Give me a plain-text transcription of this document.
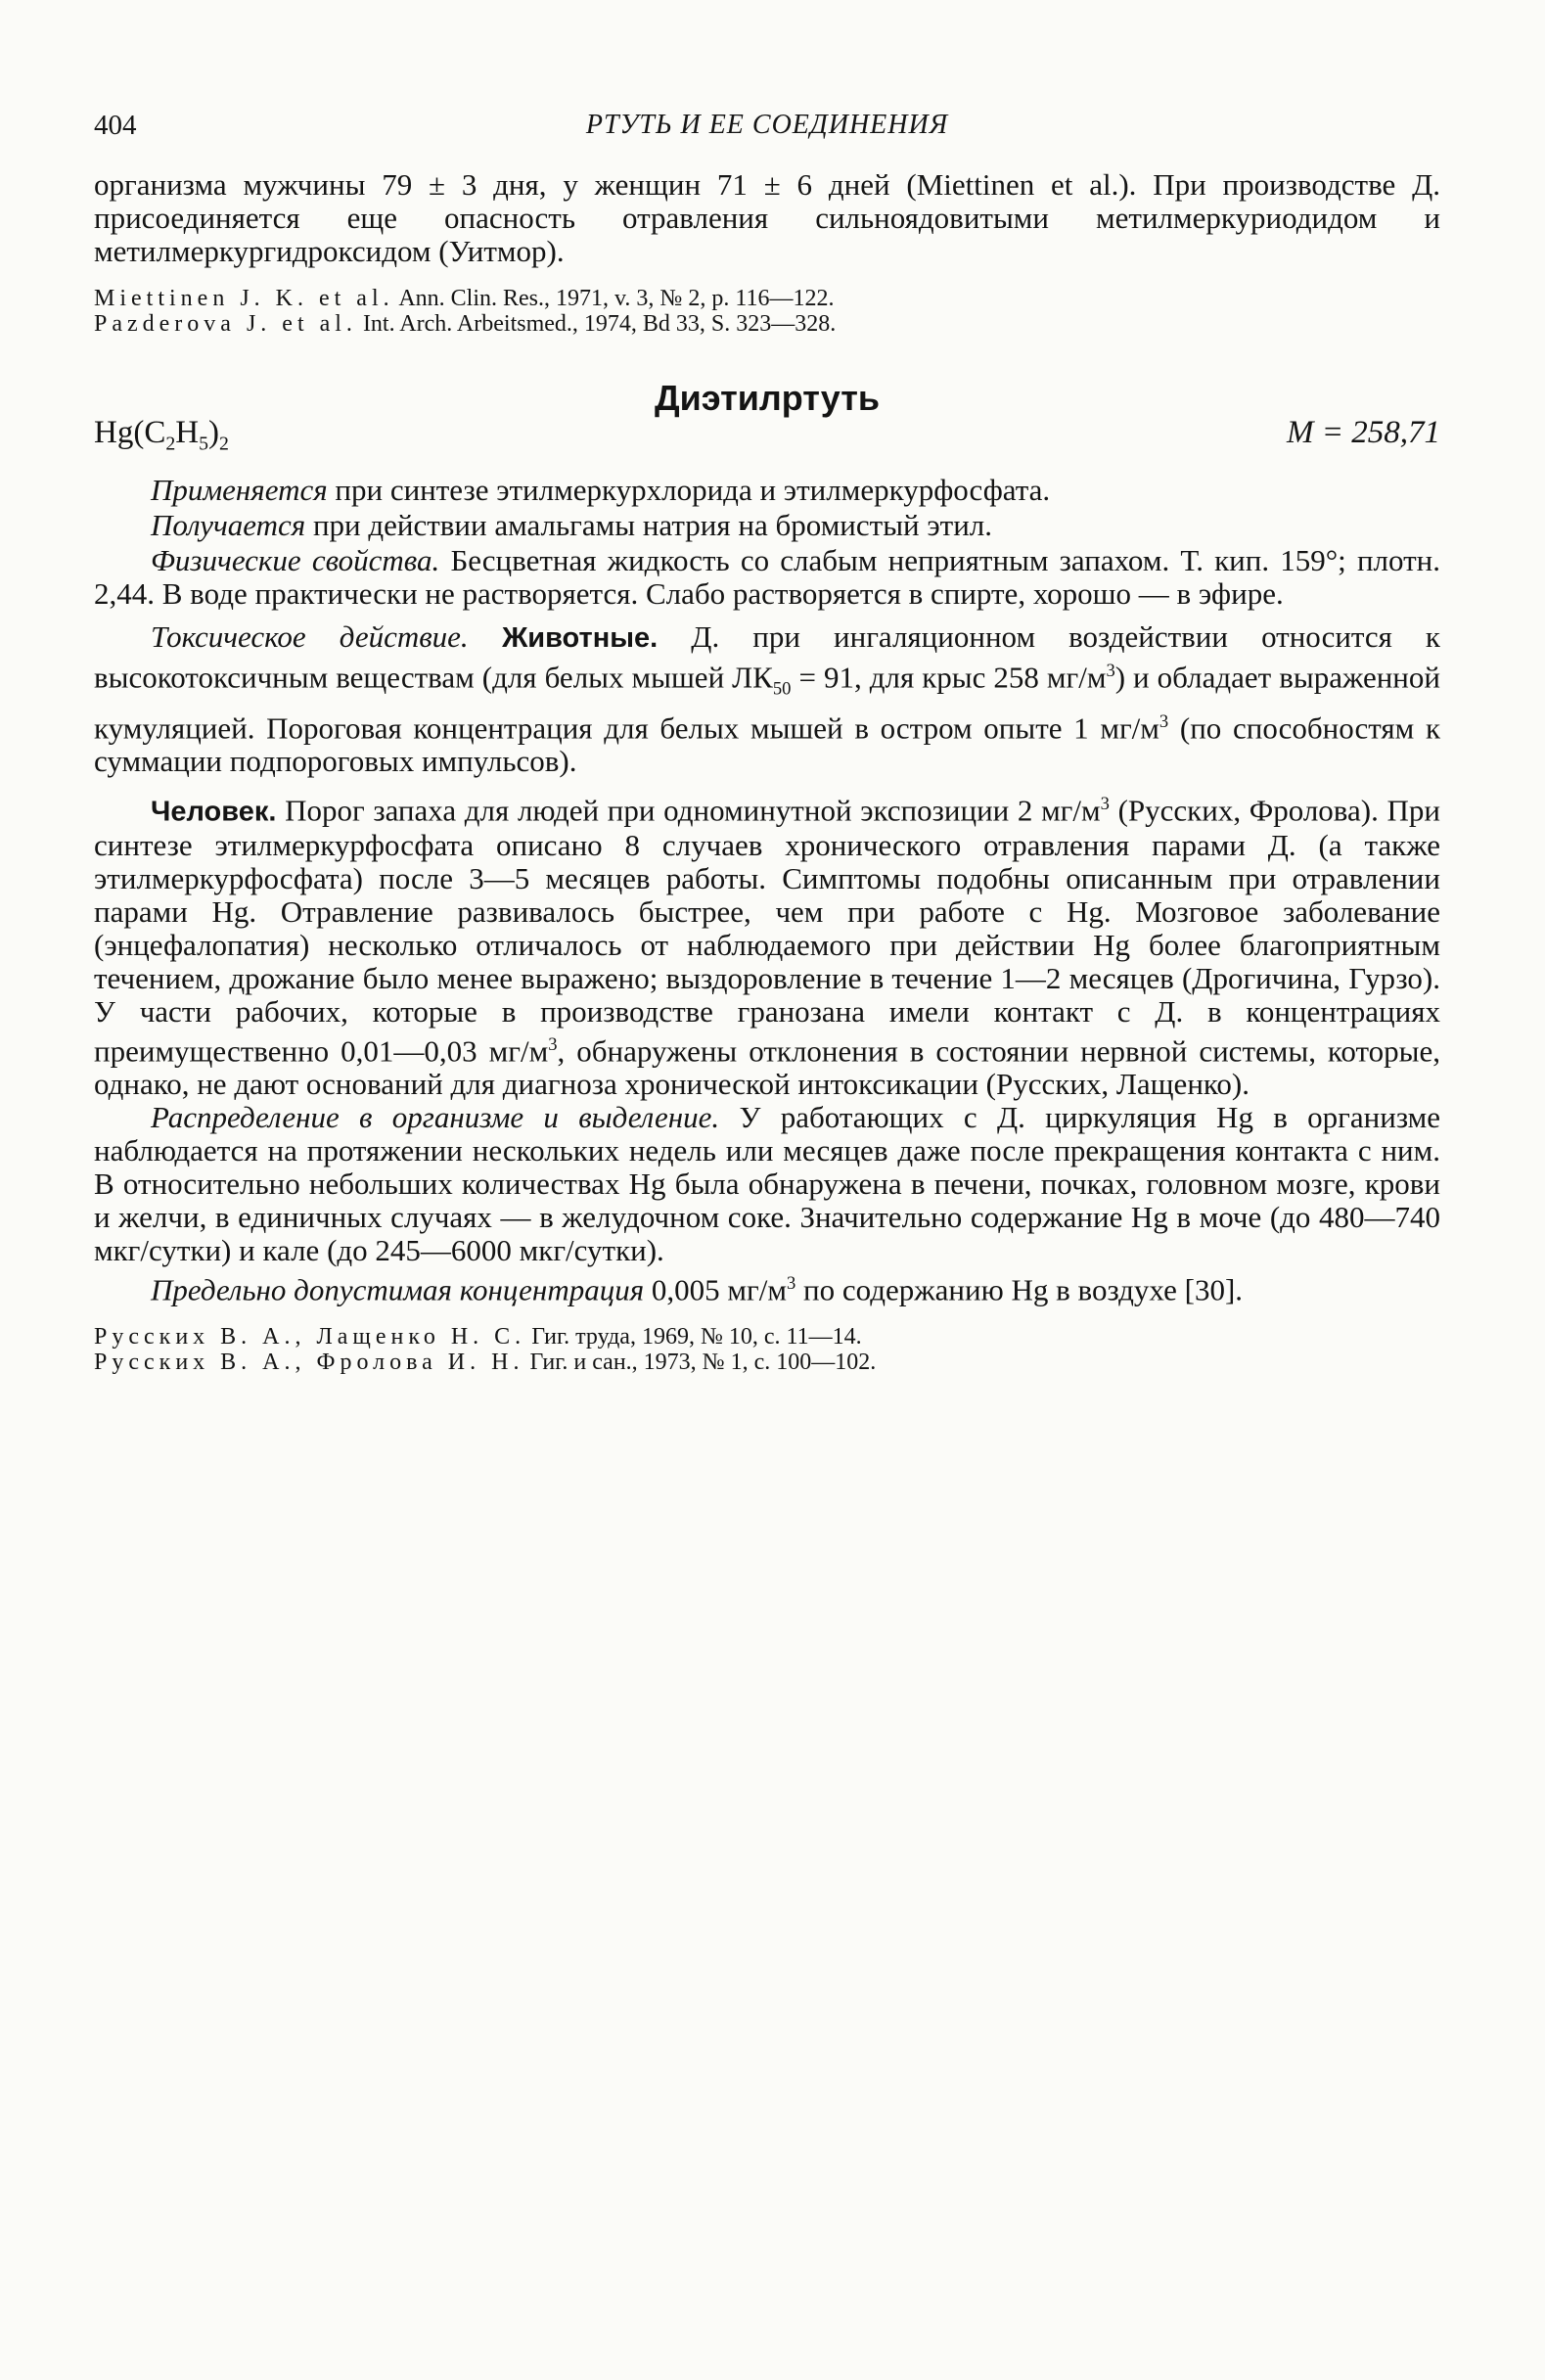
404	РТУТЬ И ЕЕ СОЕДИНЕНИЯ

организма мужчины 79 ± 3 дня, у женщин 71 ± 6 дней (Miettinen et al.). При производстве Д. присоединяется еще опасность отравления сильноядовитыми метилмеркуриодидом и метилмеркургидроксидом (Уитмор).

Miettinen J. K. et al. Ann. Clin. Res., 1971, v. 3, № 2, p. 116—122.
Pazderova J. et al. Int. Arch. Arbeitsmed., 1974, Bd 33, S. 323—328.
Диэтилртуть
$Hg(C_2H_5)_2$	M = 258,71

Применяется при синтезе этилмеркурхлорида и этилмеркурфосфата.

Получается при действии амальгамы натрия на бромистый этил.

Физические свойства. Бесцветная жидкость со слабым неприятным запахом. Т. кип. 159°; плотн. 2,44. В воде практически не растворяется. Слабо растворяется в спирте, хорошо — в эфире.

Токсическое действие. Животные. Д. при ингаляционном воздействии относится к высокотоксичным веществам (для белых мышей $ЛК_{50} = 91$, для крыс 258 $мг/м^3$) и обладает выраженной кумуляцией. Пороговая концентрация для белых мышей в остром опыте 1 $мг/м^3$ (по способностям к суммации подпороговых импульсов).

Человек. Порог запаха для людей при одноминутной экспозиции 2 $мг/м^3$ (Русских, Фролова). При синтезе этилмеркурфосфата описано 8 случаев хронического отравления парами Д. (а также этилмеркурфосфата) после 3—5 месяцев работы. Симптомы подобны описанным при отравлении парами Hg. Отравление развивалось быстрее, чем при работе с Hg. Мозговое заболевание (энцефалопатия) несколько отличалось от наблюдаемого при действии Hg более благоприятным течением, дрожание было менее выражено; выздоровление в течение 1—2 месяцев (Дрогичина, Гурзо). У части рабочих, которые в производстве гранозана имели контакт с Д. в концентрациях преимущественно 0,01—0,03 $мг/м^3$, обнаружены отклонения в состоянии нервной системы, которые, однако, не дают оснований для диагноза хронической интоксикации (Русских, Лащенко).

Распределение в организме и выделение. У работающих с Д. циркуляция Hg в организме наблюдается на протяжении нескольких недель или месяцев даже после прекращения контакта с ним. В относительно небольших количествах Hg была обнаружена в печени, почках, головном мозге, крови и желчи, в единичных случаях — в желудочном соке. Значительно содержание Hg в моче (до 480—740 мкг/сутки) и кале (до 245—6000 мкг/сутки).

Предельно допустимая концентрация 0,005 $мг/м^3$ по содержанию Hg в воздухе [30].

Русских В. А., Лащенко Н. С. Гиг. труда, 1969, № 10, с. 11—14.
Русских В. А., Фролова И. Н. Гиг. и сан., 1973, № 1, с. 100—102.
